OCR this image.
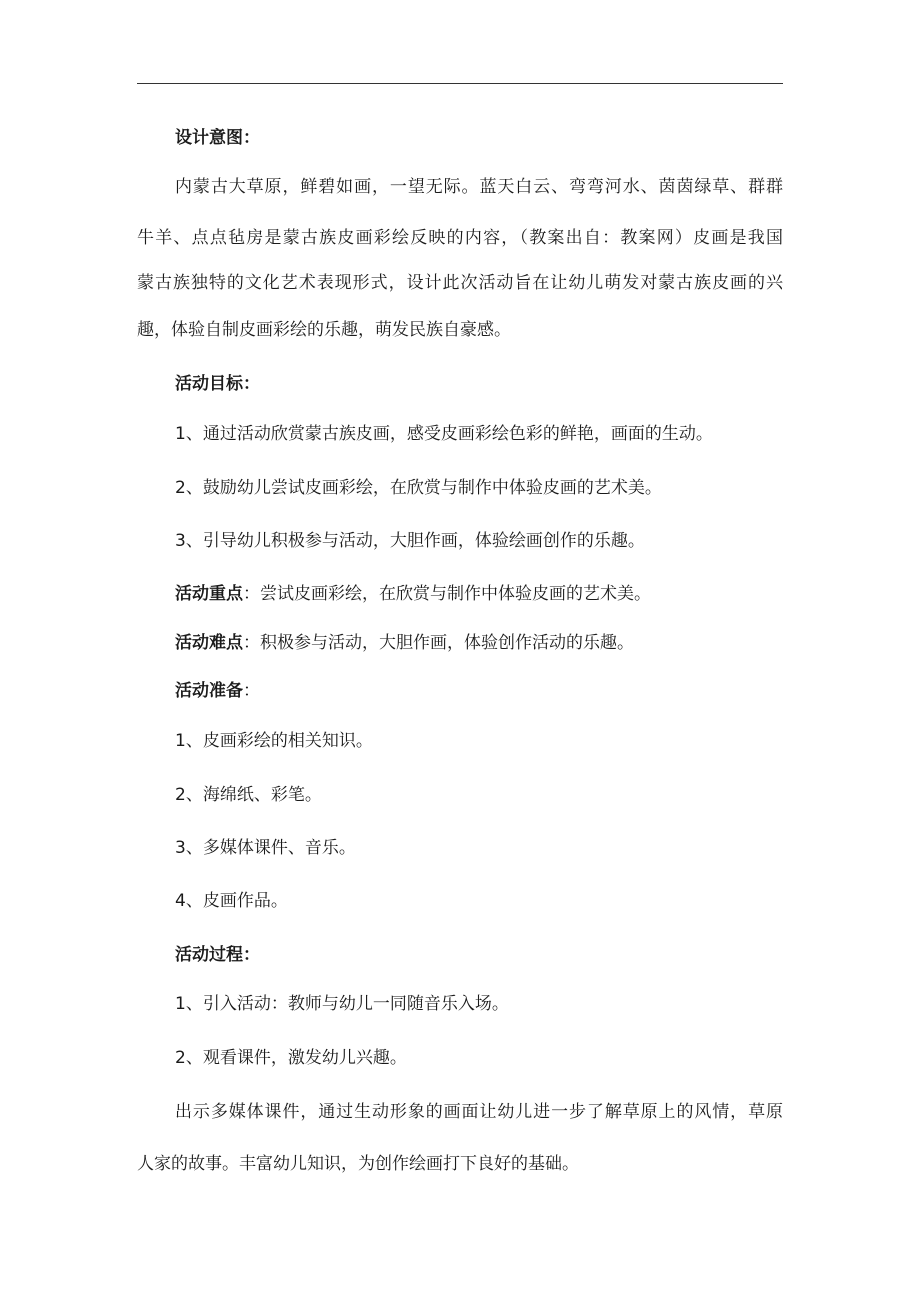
设计意图：
内蒙古大草原，鲜碧如画，一望无际。蓝天白云、弯弯河水、茵茵绿草、群群
牛羊、点点毡房是蒙古族皮画彩绘反映的内容，（教案出自：教案网）皮画是我国
蒙古族独特的文化艺术表现形式，设计此次活动旨在让幼儿萌发对蒙古族皮画的兴
趣，体验自制皮画彩绘的乐趣，萌发民族自豪感。
活动目标：
1、通过活动欣赏蒙古族皮画，感受皮画彩绘色彩的鲜艳，画面的生动。
2、鼓励幼儿尝试皮画彩绘，在欣赏与制作中体验皮画的艺术美。
3、引导幼儿积极参与活动，大胆作画，体验绘画创作的乐趣。
活动重点：尝试皮画彩绘，在欣赏与制作中体验皮画的艺术美。
活动难点：积极参与活动，大胆作画，体验创作活动的乐趣。
活动准备：
1、皮画彩绘的相关知识。
2、海绵纸、彩笔。
3、多媒体课件、音乐。
4、皮画作品。
活动过程：
1、引入活动：教师与幼儿一同随音乐入场。
2、观看课件，激发幼儿兴趣。
出示多媒体课件，通过生动形象的画面让幼儿进一步了解草原上的风情，草原
人家的故事。丰富幼儿知识，为创作绘画打下良好的基础。
